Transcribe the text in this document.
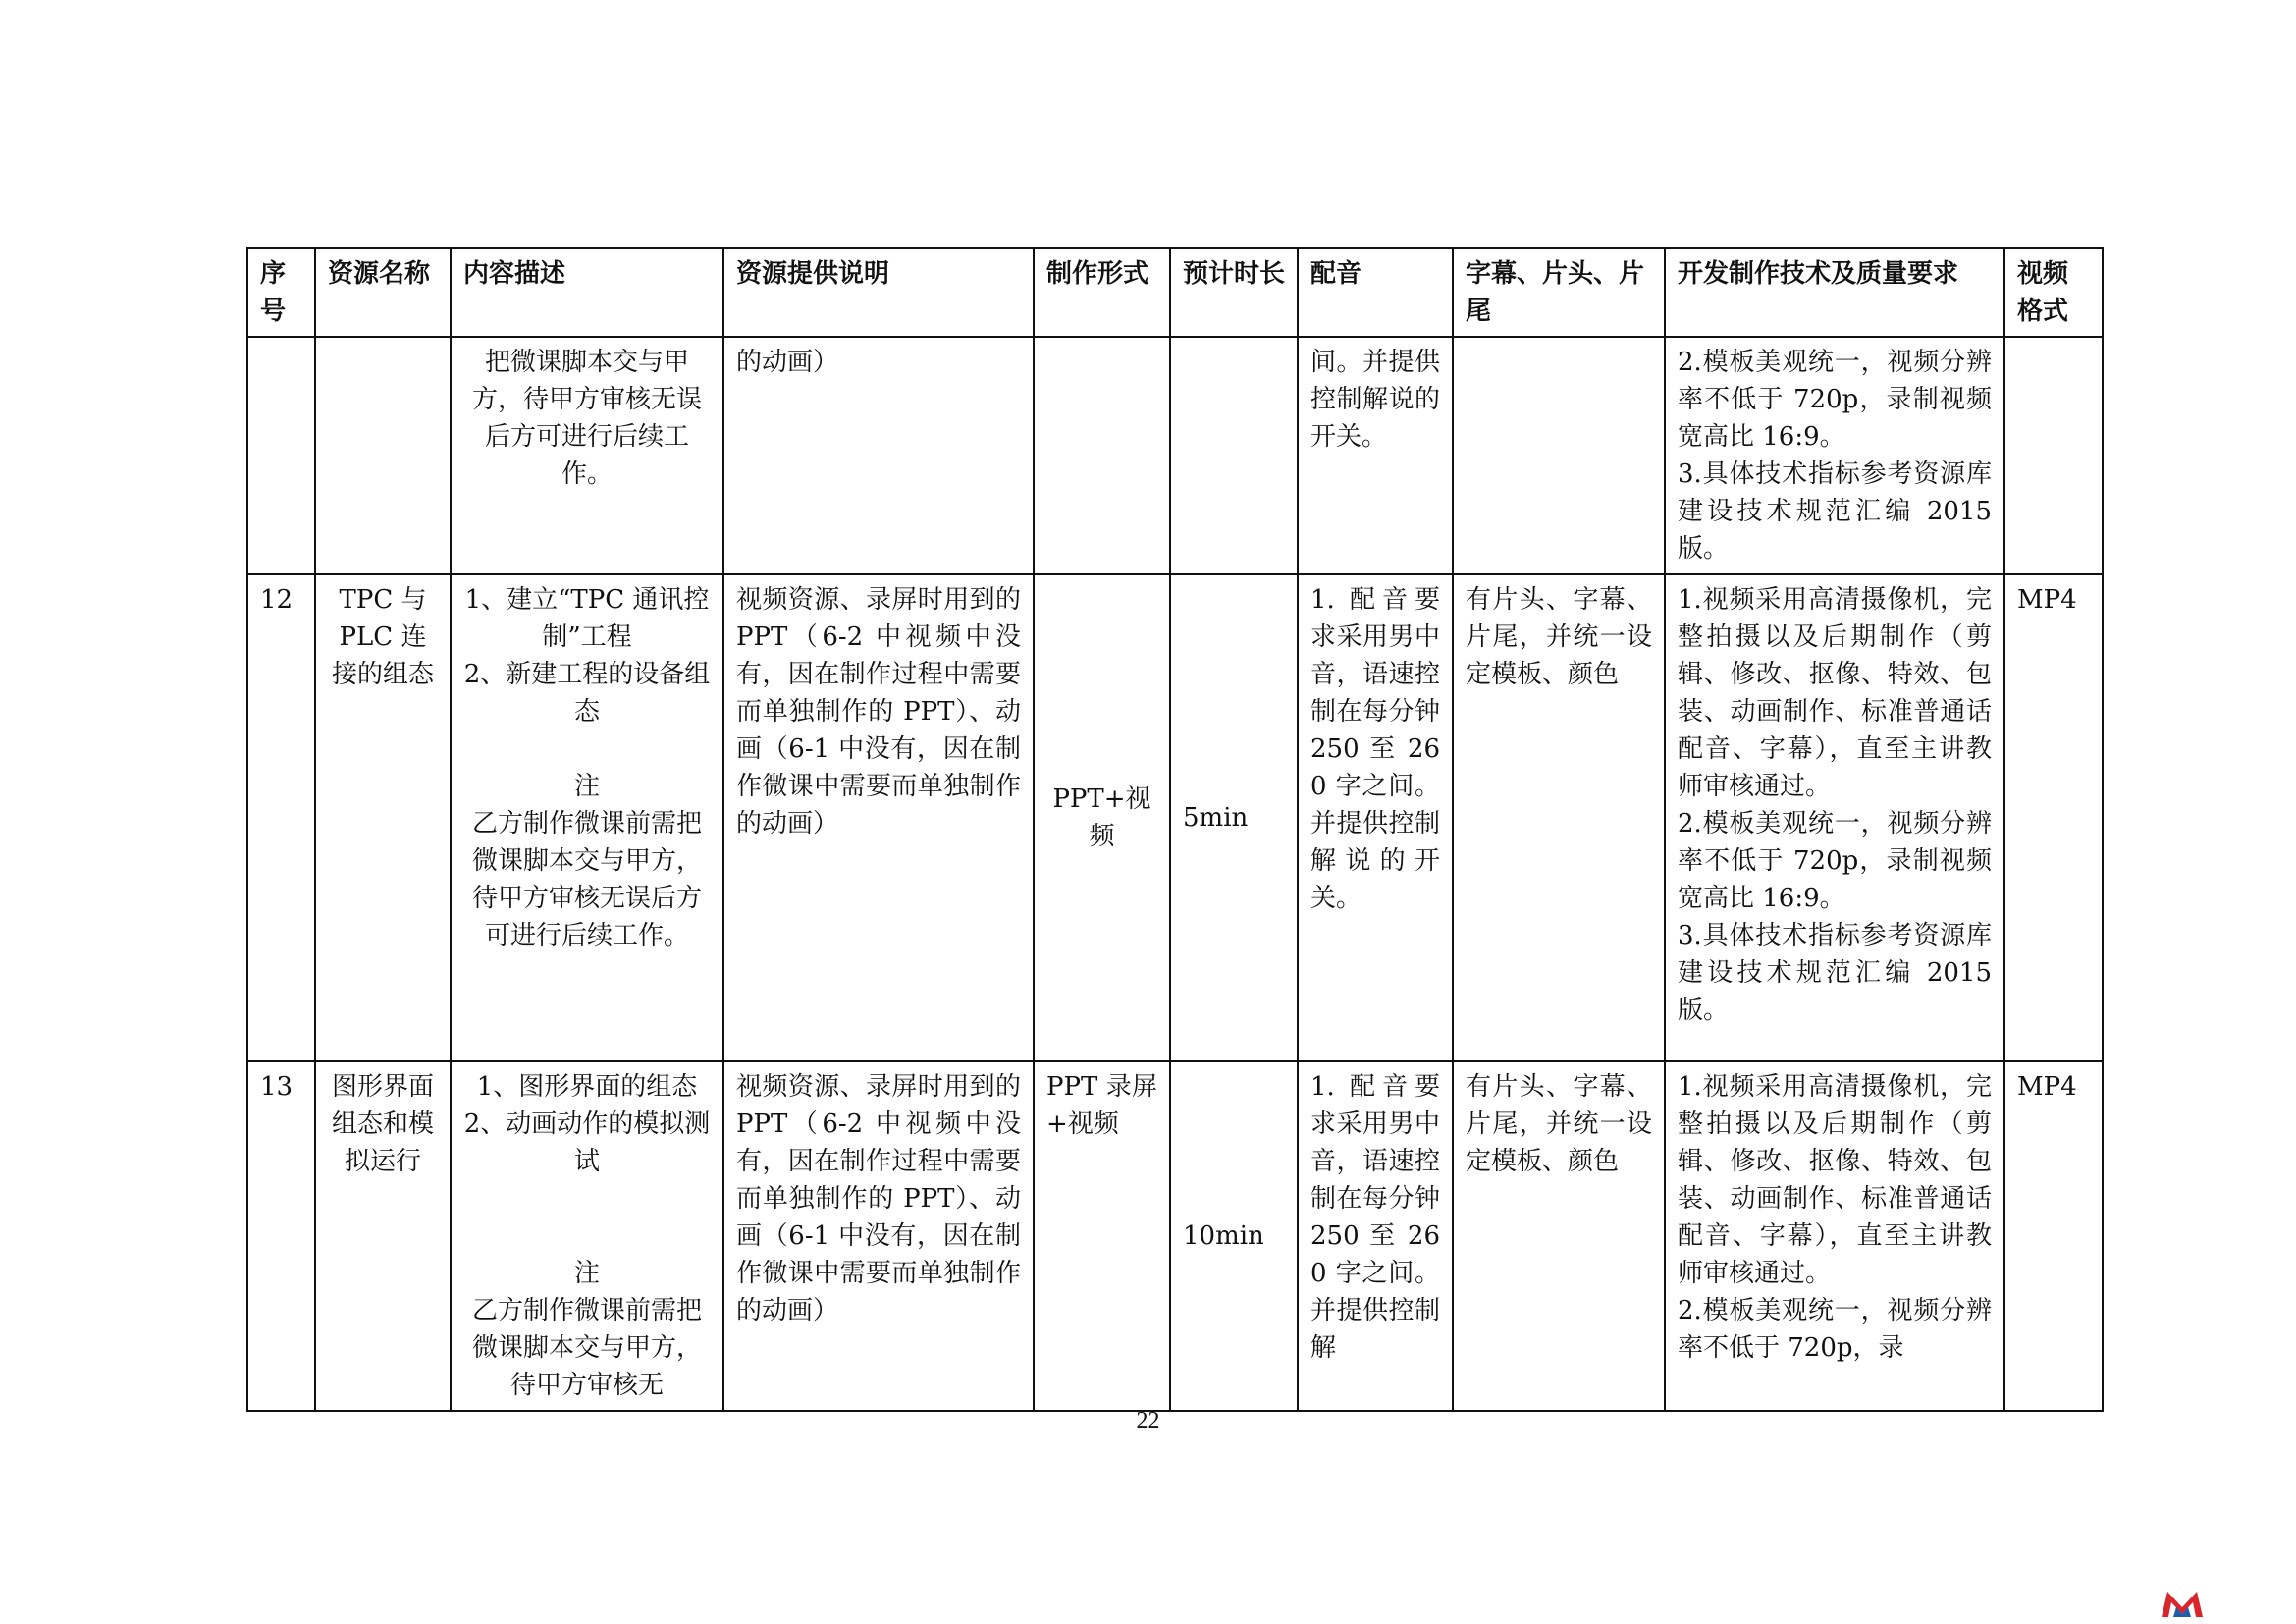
序号	资源名称	内容描述	资源提供说明	制作形式	预计时长	配音	字幕、片头、片尾	开发制作技术及质量要求	视频格式
		把微课脚本交与甲方，待甲方审核无误后方可进行后续工作。	的动画）			间。并提供控制解说的开关。		2.模板美观统一，视频分辨率不低于 720p，录制视频宽高比 16:9。
3.具体技术指标参考资源库建设技术规范汇编 2015 版。	
12	TPC 与 PLC 连接的组态	1、建立“TPC 通讯控制”工程
2、新建工程的设备组态

注
乙方制作微课前需把微课脚本交与甲方，待甲方审核无误后方可进行后续工作。	视频资源、录屏时用到的 PPT（6-2 中视频中没有，因在制作过程中需要而单独制作的 PPT）、动画（6-1 中没有，因在制作微课中需要而单独制作的动画）	PPT+视频	5min	1. 配音要求采用男中音，语速控制在每分钟 250 至 260 字之间。并提供控制解说的开关。	有片头、字幕、片尾，并统一设定模板、颜色	1.视频采用高清摄像机，完整拍摄以及后期制作（剪辑、修改、抠像、特效、包装、动画制作、标准普通话配音、字幕），直至主讲教师审核通过。
2.模板美观统一，视频分辨率不低于 720p，录制视频宽高比 16:9。
3.具体技术指标参考资源库建设技术规范汇编 2015 版。	MP4
13	图形界面组态和模拟运行	1、图形界面的组态　2、动画动作的模拟测试

注
乙方制作微课前需把微课脚本交与甲方，待甲方审核无	视频资源、录屏时用到的 PPT（6-2 中视频中没有，因在制作过程中需要而单独制作的 PPT）、动画（6-1 中没有，因在制作微课中需要而单独制作的动画）	PPT 录屏+视频	10min	1. 配音要求采用男中音，语速控制在每分钟 250 至 260 字之间。并提供控制解	有片头、字幕、片尾，并统一设定模板、颜色	1.视频采用高清摄像机，完整拍摄以及后期制作（剪辑、修改、抠像、特效、包装、动画制作、标准普通话配音、字幕），直至主讲教师审核通过。
2.模板美观统一，视频分辨率不低于 720p，录	MP4
22
